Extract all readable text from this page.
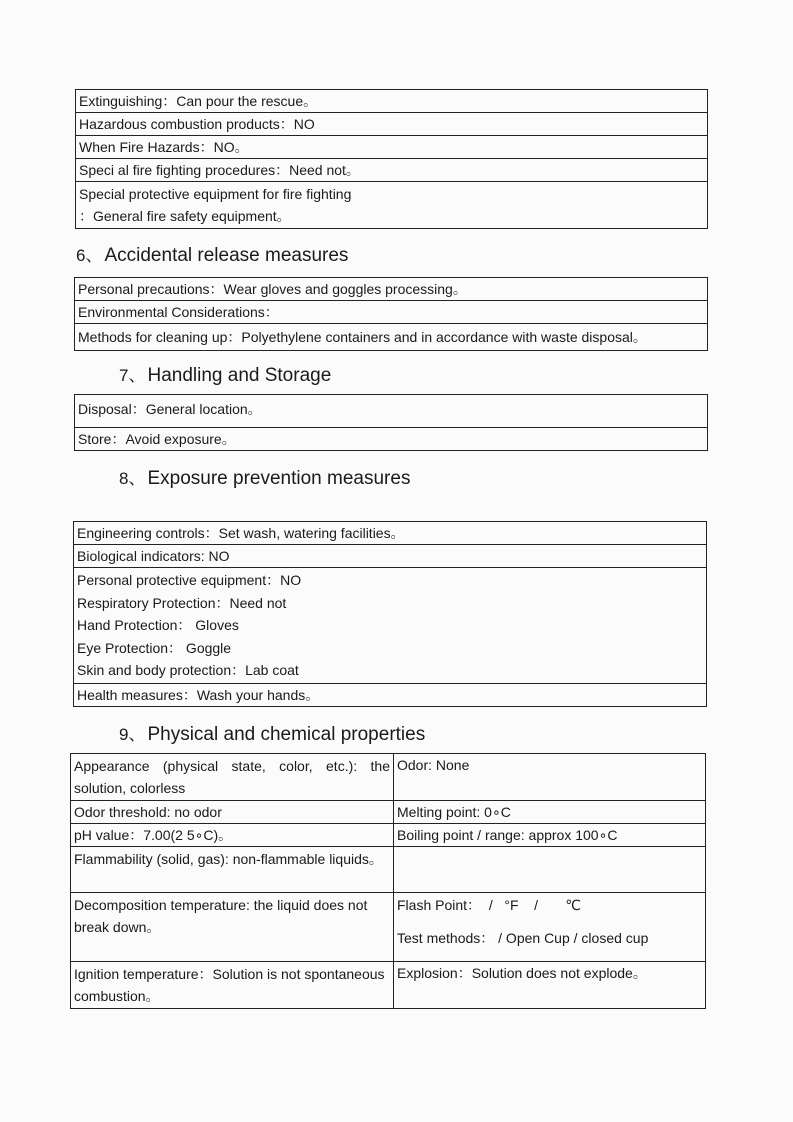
Extinguishing：Can pour the rescue。
Hazardous combustion products：NO
When Fire Hazards：NO。
Speci al fire fighting procedures：Need not。

Special protective equipment for fire fighting
：General fire safety equipment。
6、 Accidental release measures
Personal precautions：Wear gloves and goggles processing。
Environmental Considerations：
Methods for cleaning up：Polyethylene containers and in accordance with waste disposal。
7、 Handling and Storage
Disposal：General location。
Store：Avoid exposure。
8、 Exposure prevention measures
Engineering controls：Set wash, watering facilities。
Biological indicators: NO

Personal protective equipment：NO
Respiratory Protection：Need not
Hand Protection： Gloves
Eye Protection： Goggle
Skin and body protection：Lab coat

Health measures：Wash your hands。
9、 Physical and chemical properties
Appearance (physical state, color, etc.): the solution, colorless	Odor: None
Odor threshold: no odor	Melting point: 0∘C
pH value：7.00(2 5∘C)。	Boiling point / range: approx 100∘C
Flammability (solid, gas): non-flammable liquids。	
Decomposition temperature: the liquid does not break down。	Flash Point：  /   °F    /       ℃
Test methods： / Open Cup / closed cup

Ignition temperature：Solution is not spontaneous combustion。	Explosion：Solution does not explode。
